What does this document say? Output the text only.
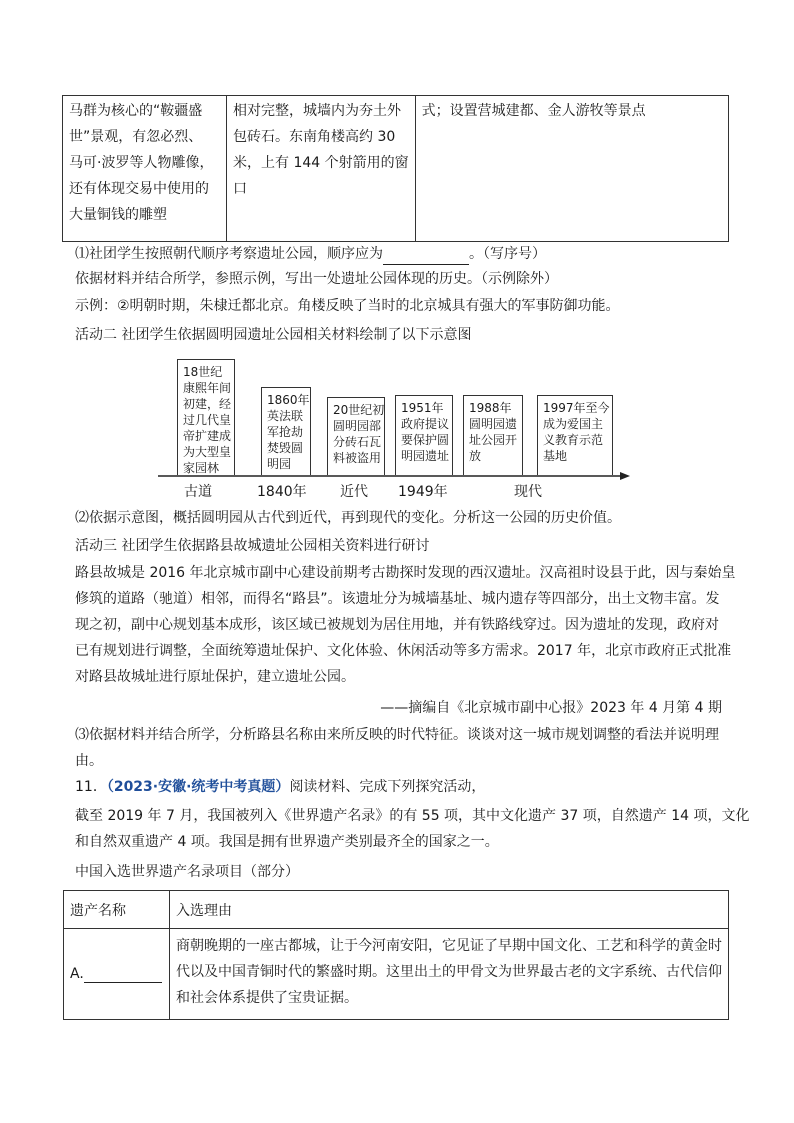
马群为核心的“鞍疆盛
世”景观，有忽必烈、
马可·波罗等人物雕像，
还有体现交易中使用的
大量铜钱的雕塑

相对完整，城墙内为夯土外
包砖石。东南角楼高约 30
米，上有 144 个射箭用的窗
口

式；设置营城建都、金人游牧等景点
⑴社团学生按照朝代顺序考察遗址公园，顺序应为	。（写序号）
依据材料并结合所学，参照示例，写出一处遗址公园体现的历史。（示例除外）
示例：②明朝时期，朱棣迁都北京。角楼反映了当时的北京城具有强大的军事防御功能。
活动二 社团学生依据圆明园遗址公园相关材料绘制了以下示意图
18世纪
康熙年间
初建，经
过几代皇
帝扩建成
为大型皇
家园林
1860年
英法联
军抢劫
焚毁圆
明园
20世纪初
圆明园部
分砖石瓦
料被盗用
1951年
政府提议
要保护圆
明园遗址
1988年
圆明园遗
址公园开
放
1997年至今
成为爱国主
义教育示范
基地
古道	1840年 近代 1949年	现代
⑵依据示意图，概括圆明园从古代到近代，再到现代的变化。分析这一公园的历史价值。
活动三 社团学生依据路县故城遗址公园相关资料进行研讨
路县故城是 2016 年北京城市副中心建设前期考古勘探时发现的西汉遗址。汉高祖时设县于此，因与秦始皇
修筑的道路（驰道）相邻，而得名“路县”。该遗址分为城墙基址、城内遗存等四部分，出土文物丰富。发
现之初，副中心规划基本成形，该区域已被规划为居住用地，并有铁路线穿过。因为遗址的发现，政府对
已有规划进行调整，全面统筹遗址保护、文化体验、休闲活动等多方需求。2017 年，北京市政府正式批准
对路县故城址进行原址保护，建立遗址公园。
——摘编自《北京城市副中心报》2023 年 4 月第 4 期
⑶依据材料并结合所学，分析路县名称由来所反映的时代特征。谈谈对这一城市规划调整的看法并说明理
由。
11．（2023·安徽·统考中考真题）阅读材料、完成下列探究活动，
截至 2019 年 7 月，我国被列入《世界遗产名录》的有 55 项，其中文化遗产 37 项，自然遗产 14 项，文化
和自然双重遗产 4 项。我国是拥有世界遗产类别最齐全的国家之一。
中国入选世界遗产名录项目（部分）
遗产名称	入选理由

A.	商朝晚期的一座古都城，让于今河南安阳，它见证了早期中国文化、工艺和科学的黄金时
代以及中国青铜时代的繁盛时期。这里出土的甲骨文为世界最古老的文字系统、古代信仰
和社会体系提供了宝贵证据。
